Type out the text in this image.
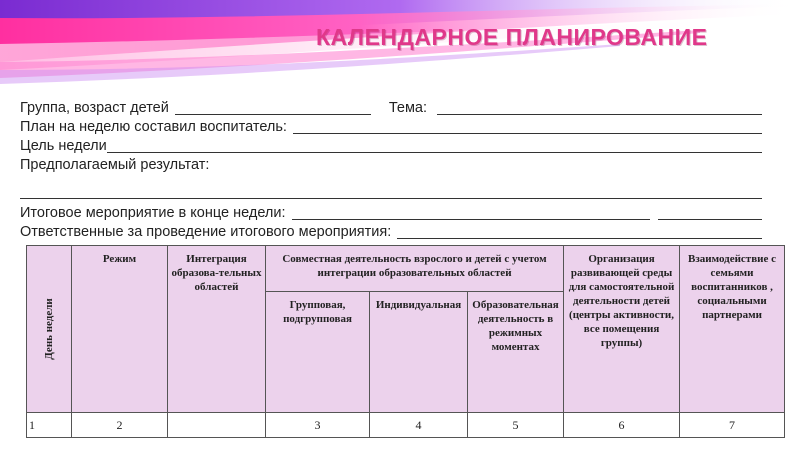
КАЛЕНДАРНОЕ ПЛАНИРОВАНИЕ
Группа, возраст детей	Тема:
План на неделю составил воспитатель:
Цель недели
Предполагаемый результат:
Итоговое мероприятие в конце недели:
Ответственные за проведение итогового мероприятия:
День недели	Режим	Интеграция образова-тельных областей	Совместная деятельность взрослого и детей с учетом интеграции образовательных областей			Организация развивающей среды для самостоятельной деятельности детей (центры активности, все помещения группы)	Взаимодействие с семьями воспитанников , социальными партнерами
			Групповая, подгрупповая	Индивидуальная	Образовательная деятельность в режимных моментах		
1	2		3	4	5	6	7
